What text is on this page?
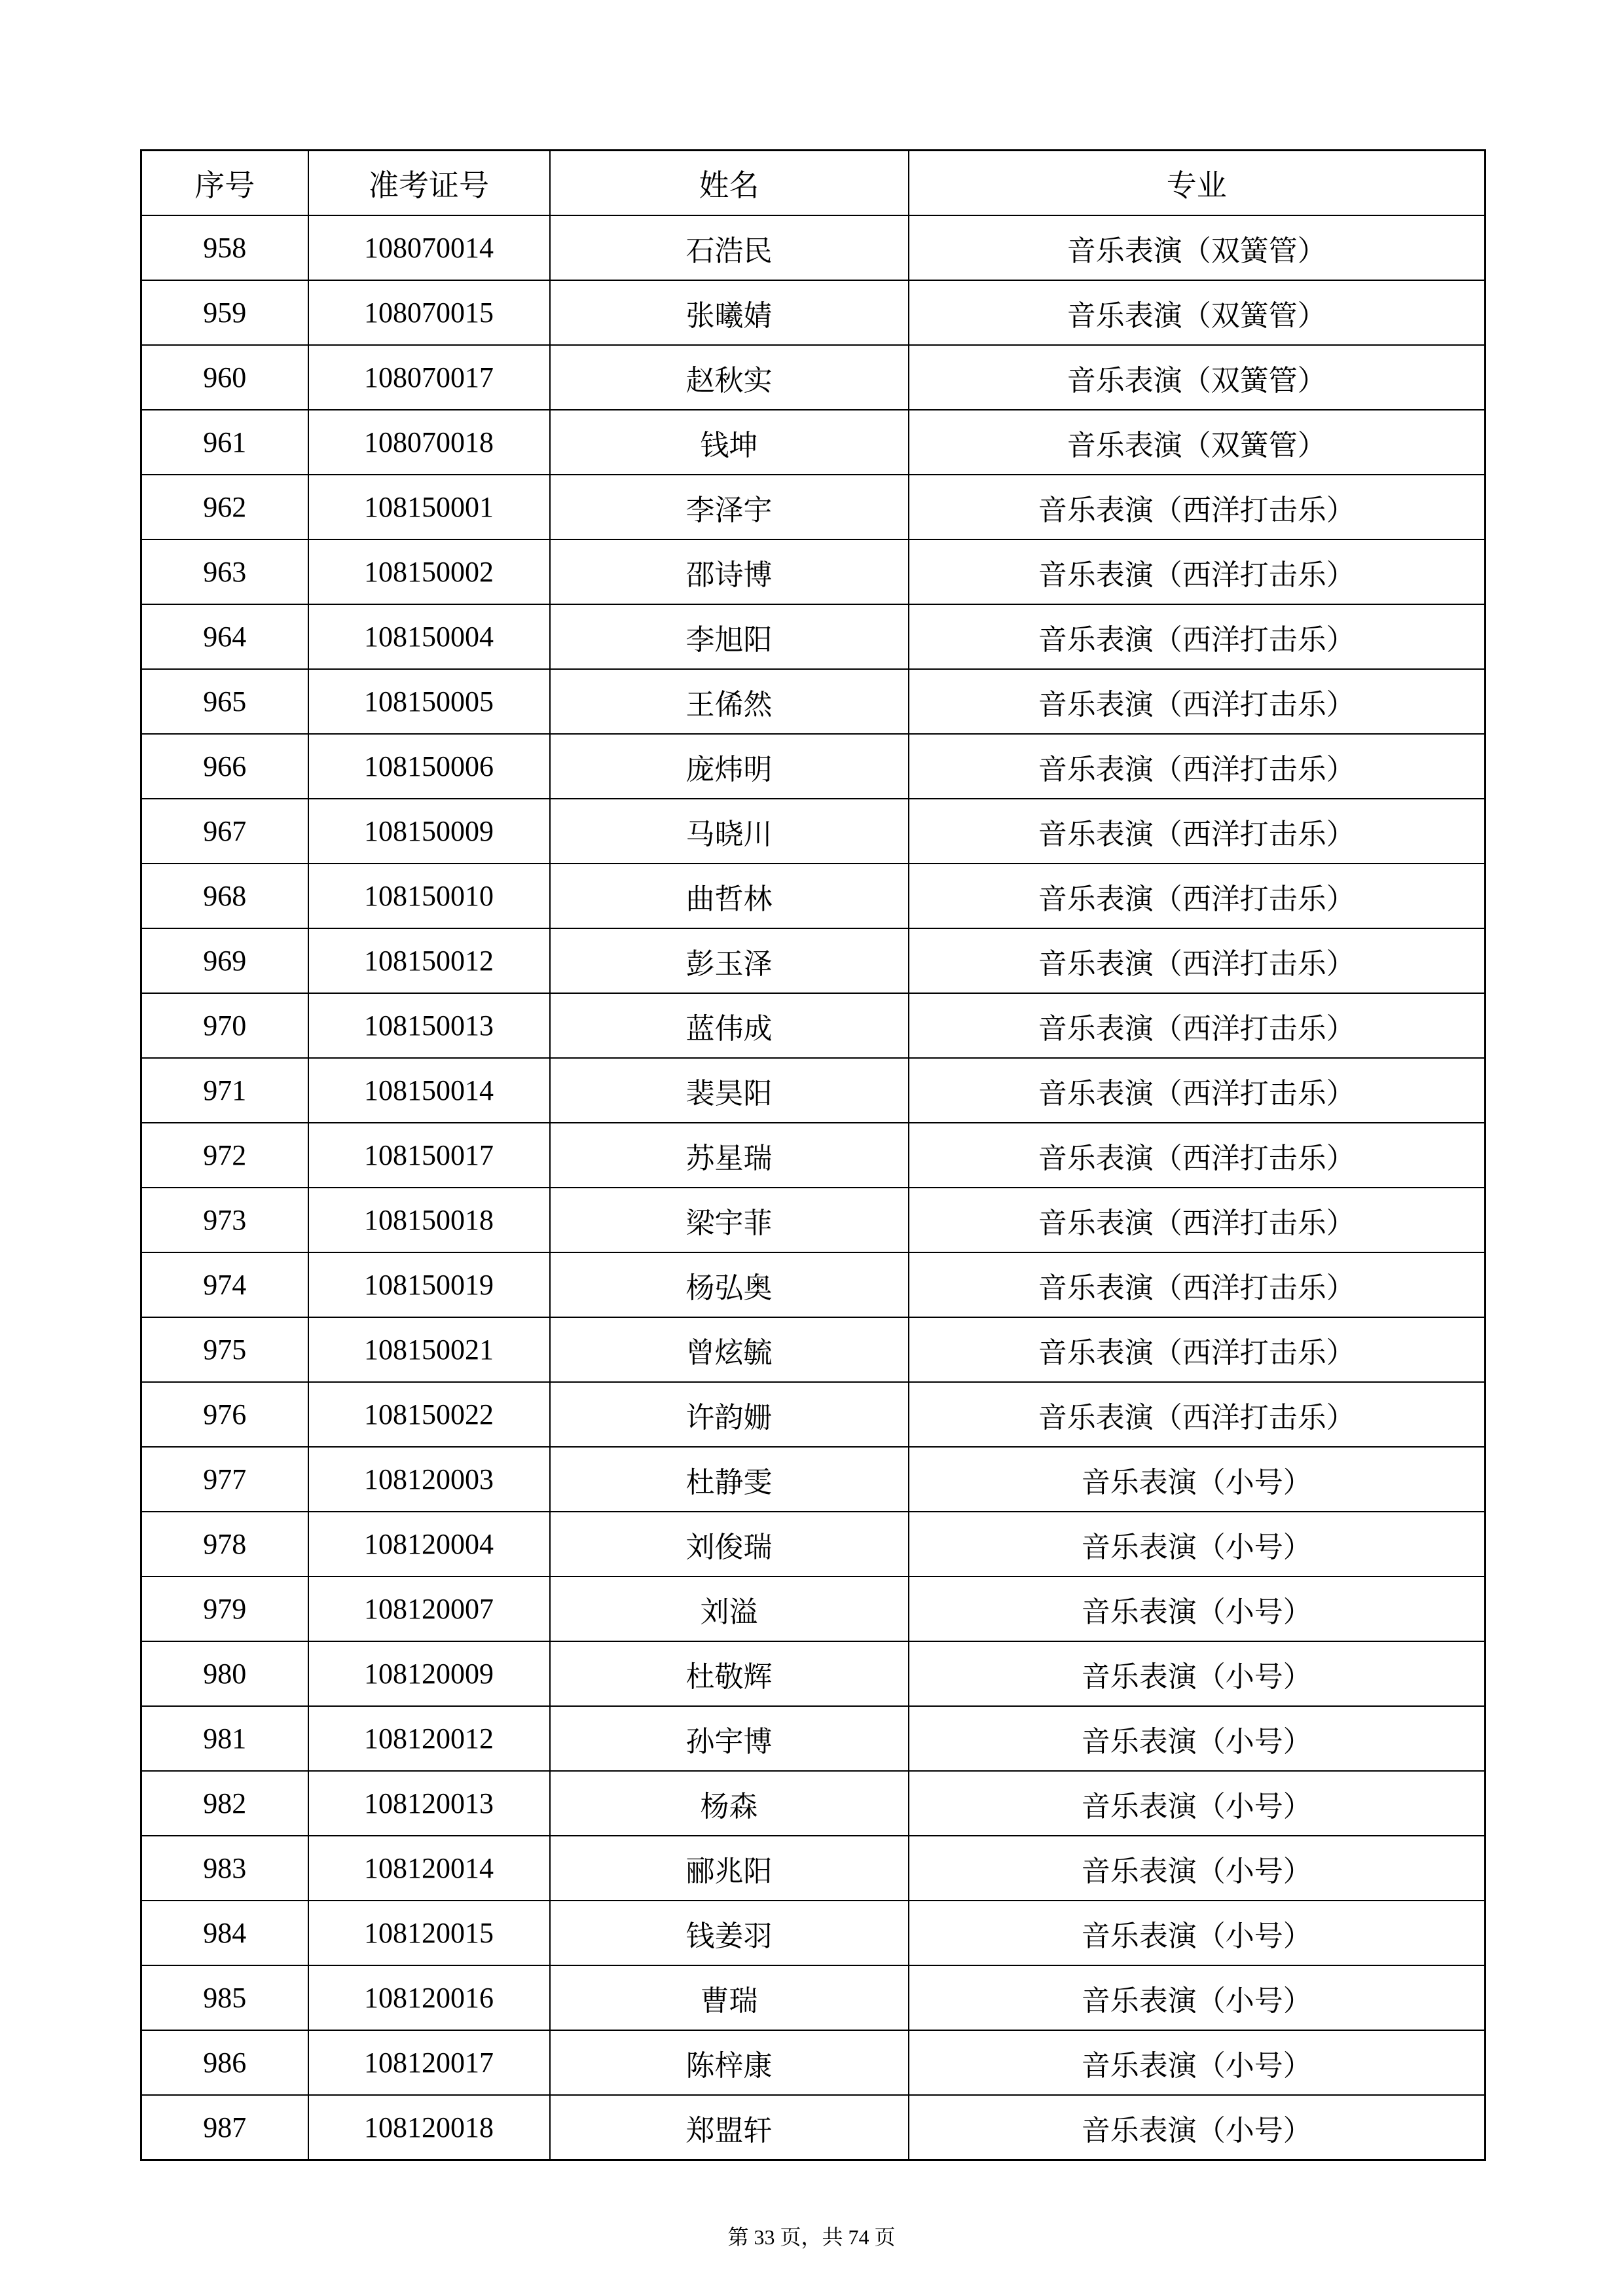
序号	准考证号	姓名	专业
958	108070014	石浩民	音乐表演（双簧管）
959	108070015	张曦婧	音乐表演（双簧管）
960	108070017	赵秋实	音乐表演（双簧管）
961	108070018	钱坤	音乐表演（双簧管）
962	108150001	李泽宇	音乐表演（西洋打击乐）
963	108150002	邵诗博	音乐表演（西洋打击乐）
964	108150004	李旭阳	音乐表演（西洋打击乐）
965	108150005	王俙然	音乐表演（西洋打击乐）
966	108150006	庞炜明	音乐表演（西洋打击乐）
967	108150009	马晓川	音乐表演（西洋打击乐）
968	108150010	曲哲林	音乐表演（西洋打击乐）
969	108150012	彭玉泽	音乐表演（西洋打击乐）
970	108150013	蓝伟成	音乐表演（西洋打击乐）
971	108150014	裴昊阳	音乐表演（西洋打击乐）
972	108150017	苏星瑞	音乐表演（西洋打击乐）
973	108150018	梁宇菲	音乐表演（西洋打击乐）
974	108150019	杨弘奥	音乐表演（西洋打击乐）
975	108150021	曾炫毓	音乐表演（西洋打击乐）
976	108150022	许韵姗	音乐表演（西洋打击乐）
977	108120003	杜静雯	音乐表演（小号）
978	108120004	刘俊瑞	音乐表演（小号）
979	108120007	刘溢	音乐表演（小号）
980	108120009	杜敬辉	音乐表演（小号）
981	108120012	孙宇博	音乐表演（小号）
982	108120013	杨森	音乐表演（小号）
983	108120014	郦兆阳	音乐表演（小号）
984	108120015	钱姜羽	音乐表演（小号）
985	108120016	曹瑞	音乐表演（小号）
986	108120017	陈梓康	音乐表演（小号）
987	108120018	郑盟轩	音乐表演（小号）
第 33 页，共 74 页
